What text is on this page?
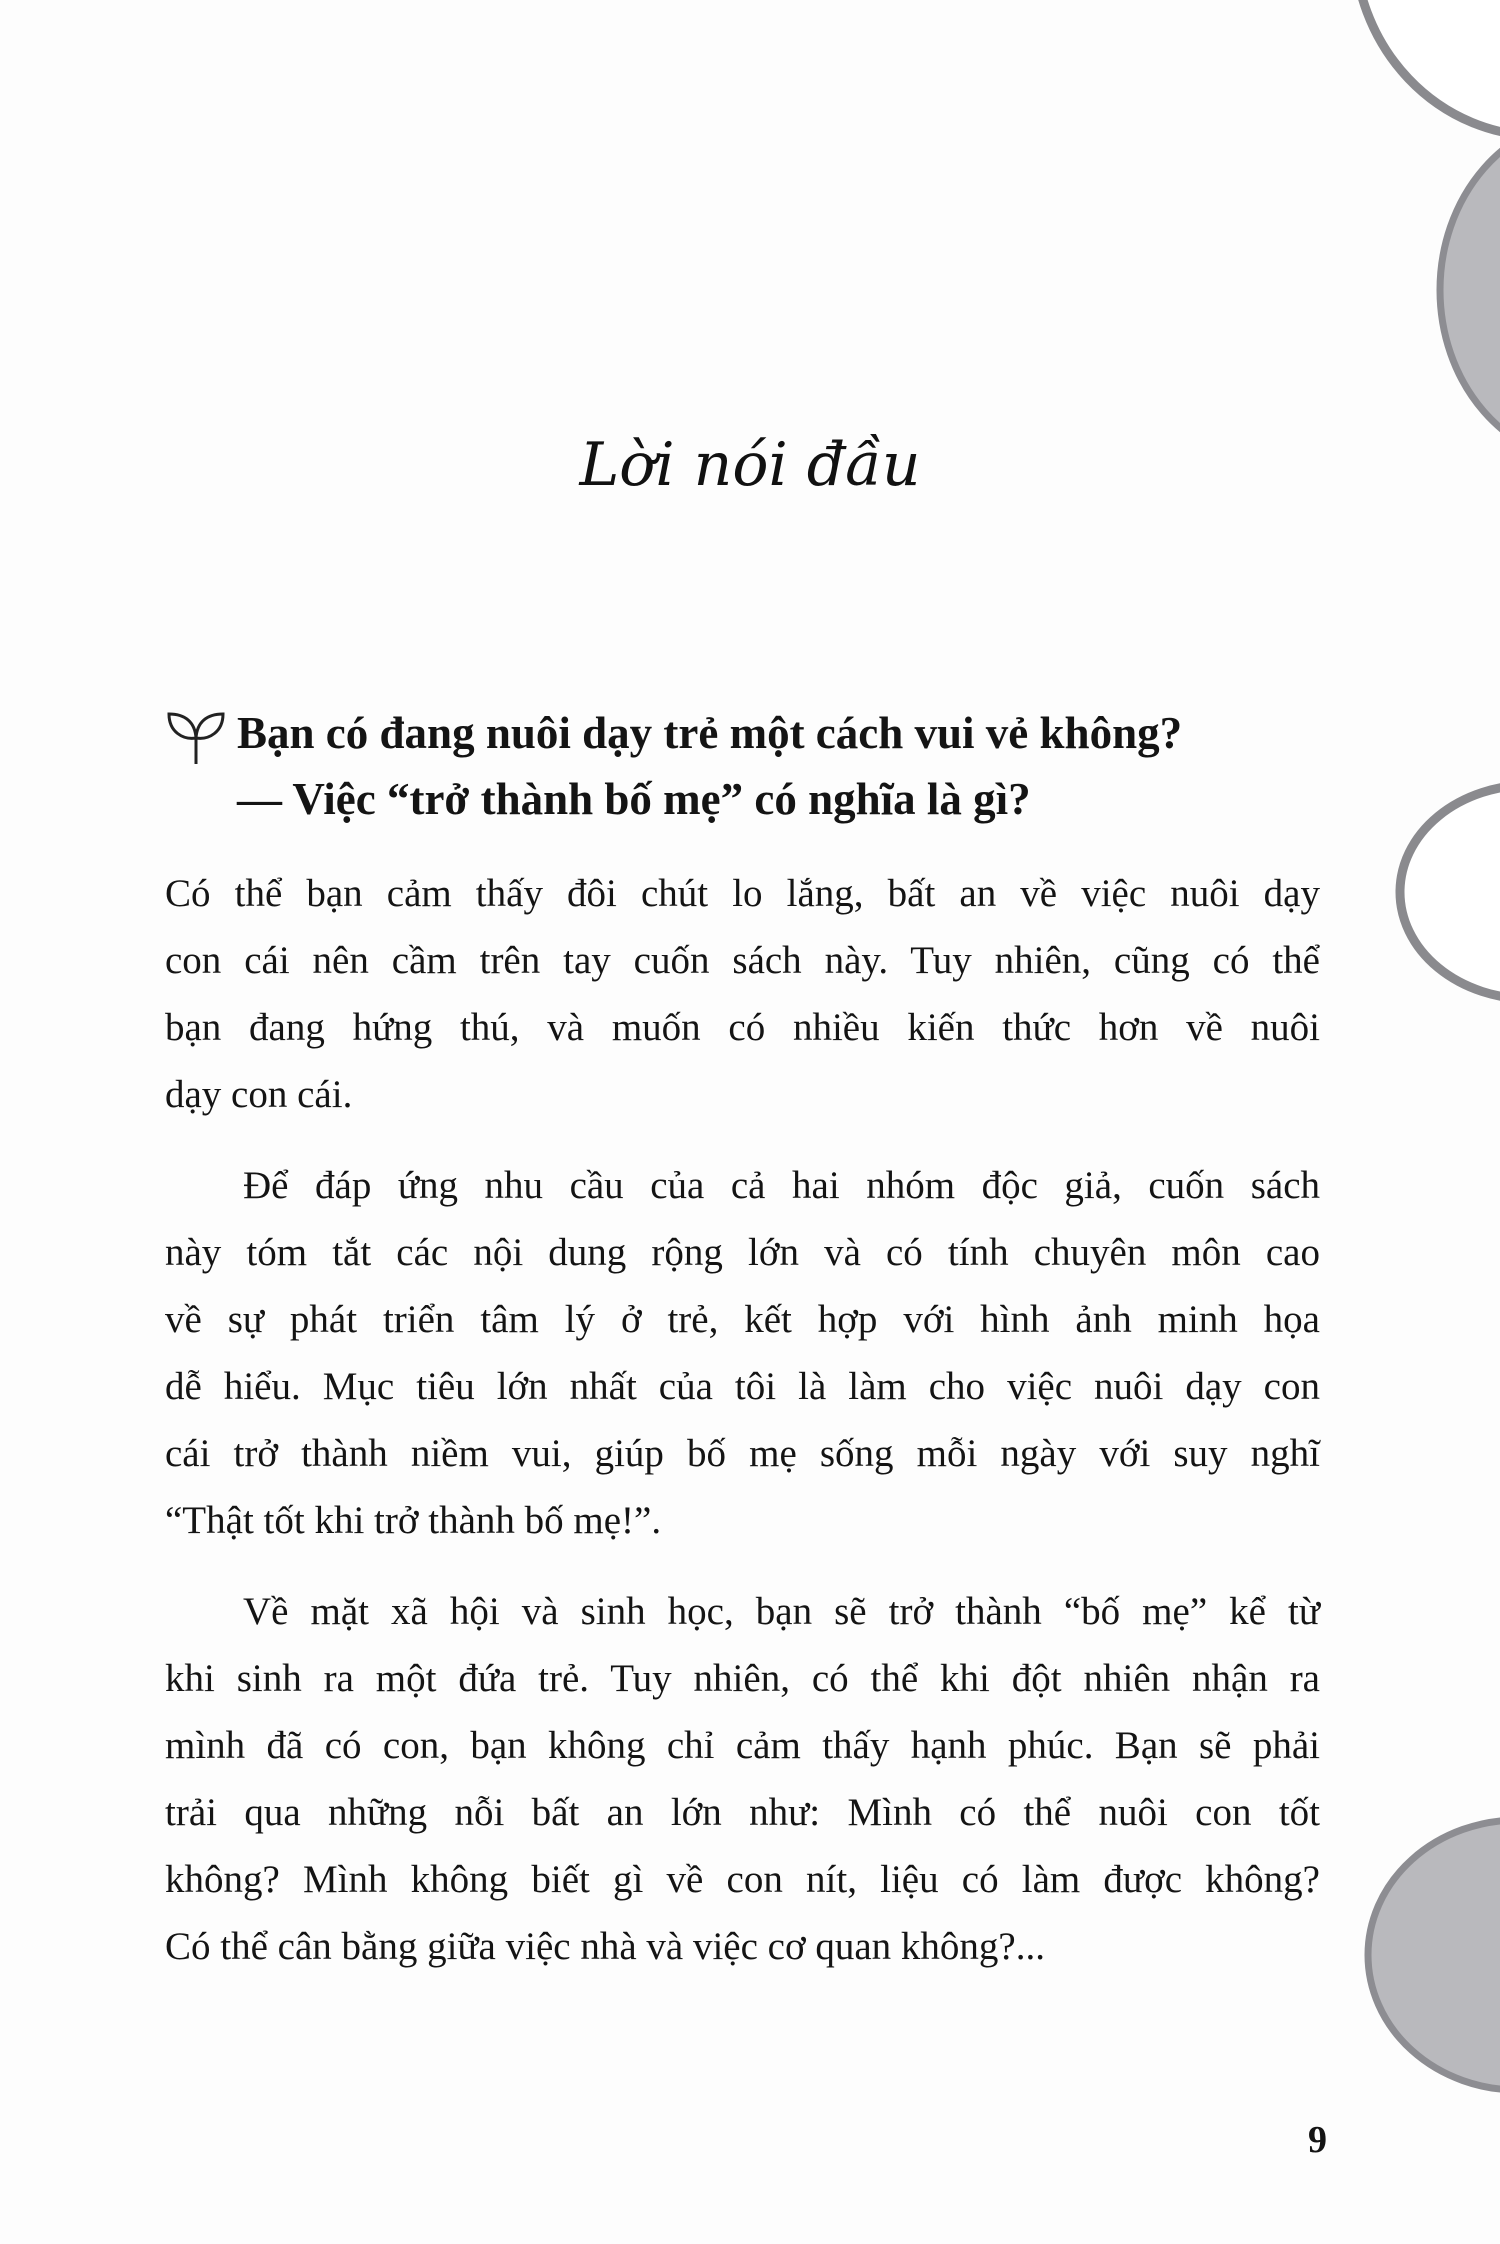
Lời nói đầu
Bạn có đang nuôi dạy trẻ một cách vui vẻ không?
— Việc “trở thành bố mẹ” có nghĩa là gì?
Có thể bạn cảm thấy đôi chút lo lắng, bất an về việc nuôi dạy
con cái nên cầm trên tay cuốn sách này. Tuy nhiên, cũng có thể
bạn đang hứng thú, và muốn có nhiều kiến thức hơn về nuôi
dạy con cái.
Để đáp ứng nhu cầu của cả hai nhóm độc giả, cuốn sách
này tóm tắt các nội dung rộng lớn và có tính chuyên môn cao
về sự phát triển tâm lý ở trẻ, kết hợp với hình ảnh minh họa
dễ hiểu. Mục tiêu lớn nhất của tôi là làm cho việc nuôi dạy con
cái trở thành niềm vui, giúp bố mẹ sống mỗi ngày với suy nghĩ
“Thật tốt khi trở thành bố mẹ!”.
Về mặt xã hội và sinh học, bạn sẽ trở thành “bố mẹ” kể từ
khi sinh ra một đứa trẻ. Tuy nhiên, có thể khi đột nhiên nhận ra
mình đã có con, bạn không chỉ cảm thấy hạnh phúc. Bạn sẽ phải
trải qua những nỗi bất an lớn như: Mình có thể nuôi con tốt
không? Mình không biết gì về con nít, liệu có làm được không?
Có thể cân bằng giữa việc nhà và việc cơ quan không?...
9
